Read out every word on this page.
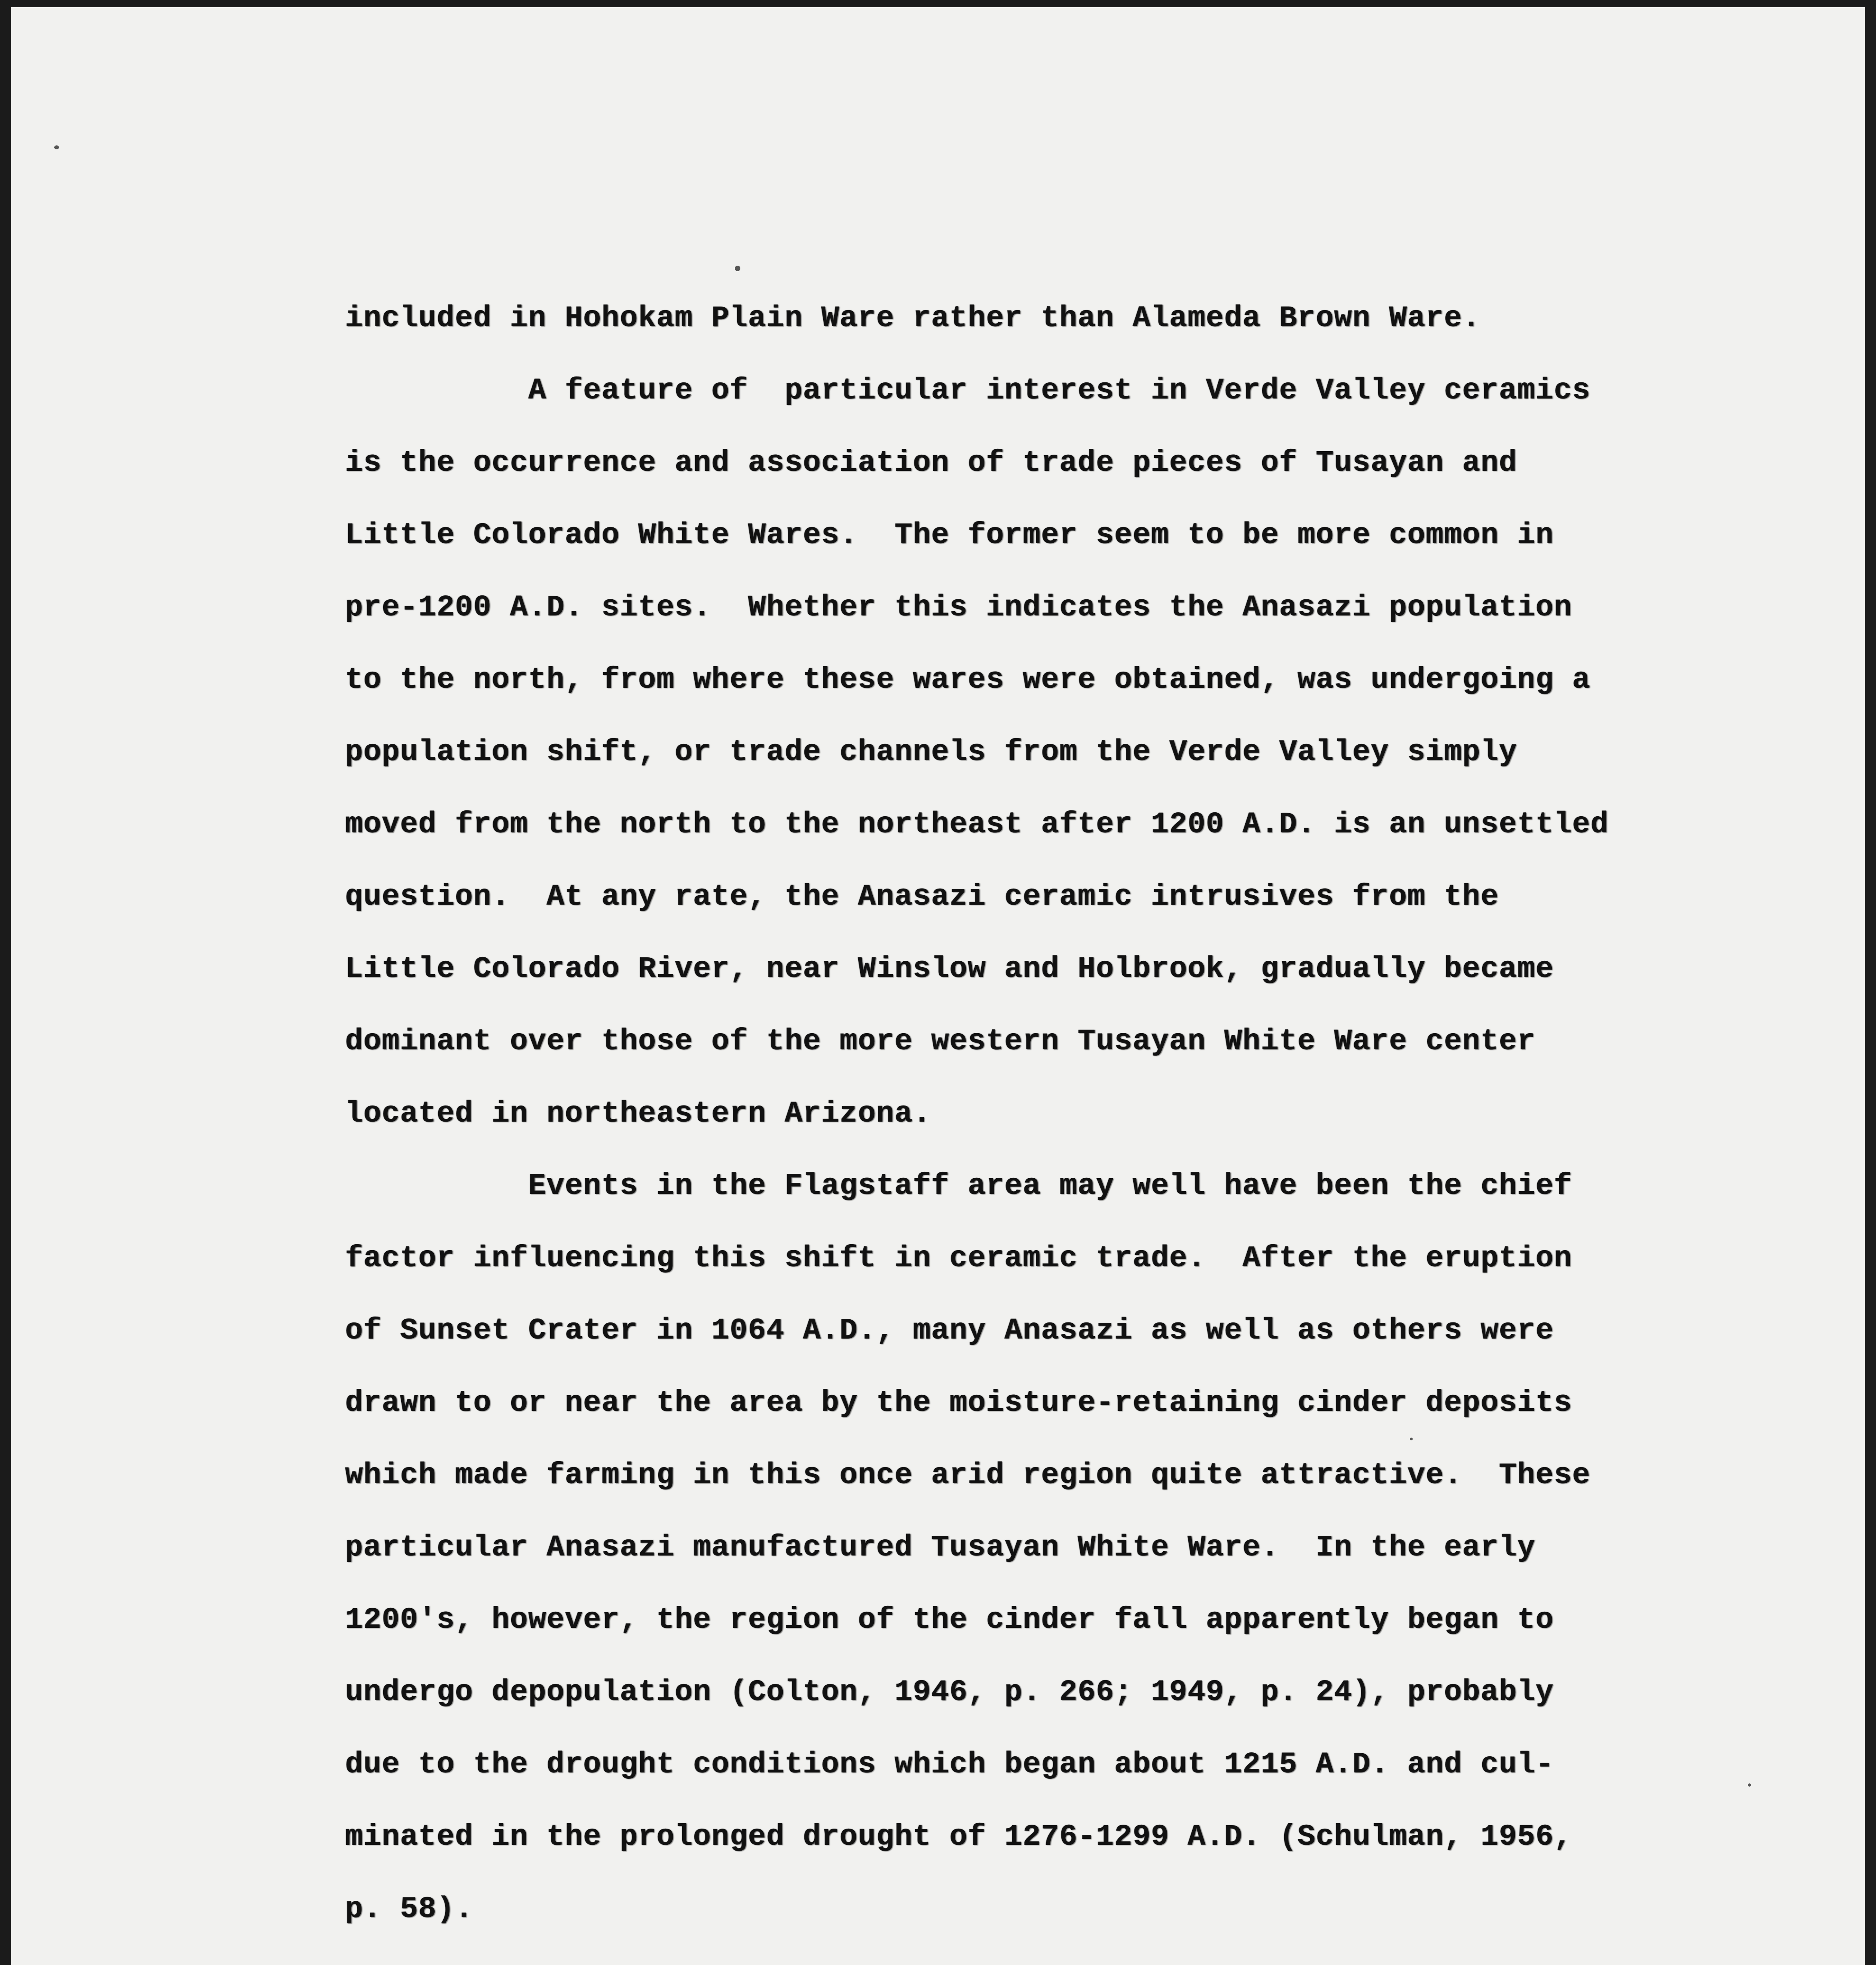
included in Hohokam Plain Ware rather than Alameda Brown Ware.
A feature of  particular interest in Verde Valley ceramics
is the occurrence and association of trade pieces of Tusayan and
Little Colorado White Wares.  The former seem to be more common in
pre-1200 A.D. sites.  Whether this indicates the Anasazi population
to the north, from where these wares were obtained, was undergoing a
population shift, or trade channels from the Verde Valley simply
moved from the north to the northeast after 1200 A.D. is an unsettled
question.  At any rate, the Anasazi ceramic intrusives from the
Little Colorado River, near Winslow and Holbrook, gradually became
dominant over those of the more western Tusayan White Ware center
located in northeastern Arizona.
Events in the Flagstaff area may well have been the chief
factor influencing this shift in ceramic trade.  After the eruption
of Sunset Crater in 1064 A.D., many Anasazi as well as others were
drawn to or near the area by the moisture-retaining cinder deposits
which made farming in this once arid region quite attractive.  These
particular Anasazi manufactured Tusayan White Ware.  In the early
1200's, however, the region of the cinder fall apparently began to
undergo depopulation (Colton, 1946, p. 266; 1949, p. 24), probably
due to the drought conditions which began about 1215 A.D. and cul-
minated in the prolonged drought of 1276-1299 A.D. (Schulman, 1956,
p. 58).
